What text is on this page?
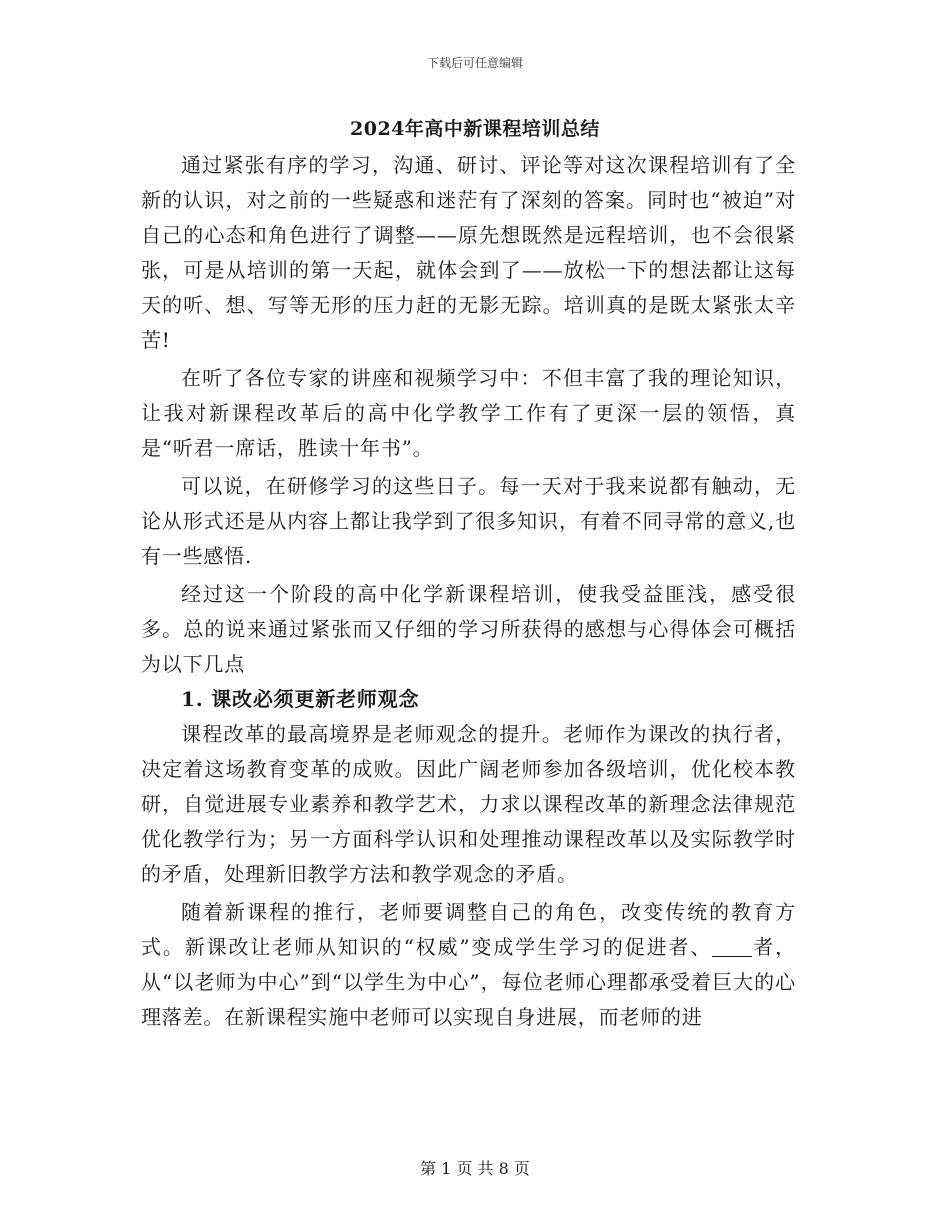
下载后可任意编辑
2024年高中新课程培训总结

通过紧张有序的学习，沟通、研讨、评论等对这次课程培训有了全新的认识，对之前的一些疑惑和迷茫有了深刻的答案。同时也“被迫”对自己的心态和角色进行了调整——原先想既然是远程培训，也不会很紧张，可是从培训的第一天起，就体会到了——放松一下的想法都让这每天的听、想、写等无形的压力赶的无影无踪。培训真的是既太紧张太辛苦!

在听了各位专家的讲座和视频学习中：不但丰富了我的理论知识，让我对新课程改革后的高中化学教学工作有了更深一层的领悟，真是“听君一席话，胜读十年书”。

可以说，在研修学习的这些日子。每一天对于我来说都有触动，无论从形式还是从内容上都让我学到了很多知识，有着不同寻常的意义,也有一些感悟.

经过这一个阶段的高中化学新课程培训，使我受益匪浅，感受很多。总的说来通过紧张而又仔细的学习所获得的感想与心得体会可概括为以下几点

1. 课改必须更新老师观念

课程改革的最高境界是老师观念的提升。老师作为课改的执行者，决定着这场教育变革的成败。因此广阔老师参加各级培训，优化校本教研，自觉进展专业素养和教学艺术，力求以课程改革的新理念法律规范优化教学行为；另一方面科学认识和处理推动课程改革以及实际教学时的矛盾，处理新旧教学方法和教学观念的矛盾。

随着新课程的推行，老师要调整自己的角色，改变传统的教育方式。新课改让老师从知识的“权威”变成学生学习的促进者、 者，从“以老师为中心”到“以学生为中心”，每位老师心理都承受着巨大的心理落差。在新课程实施中老师可以实现自身进展，而老师的进

第 1 页 共 8 页
